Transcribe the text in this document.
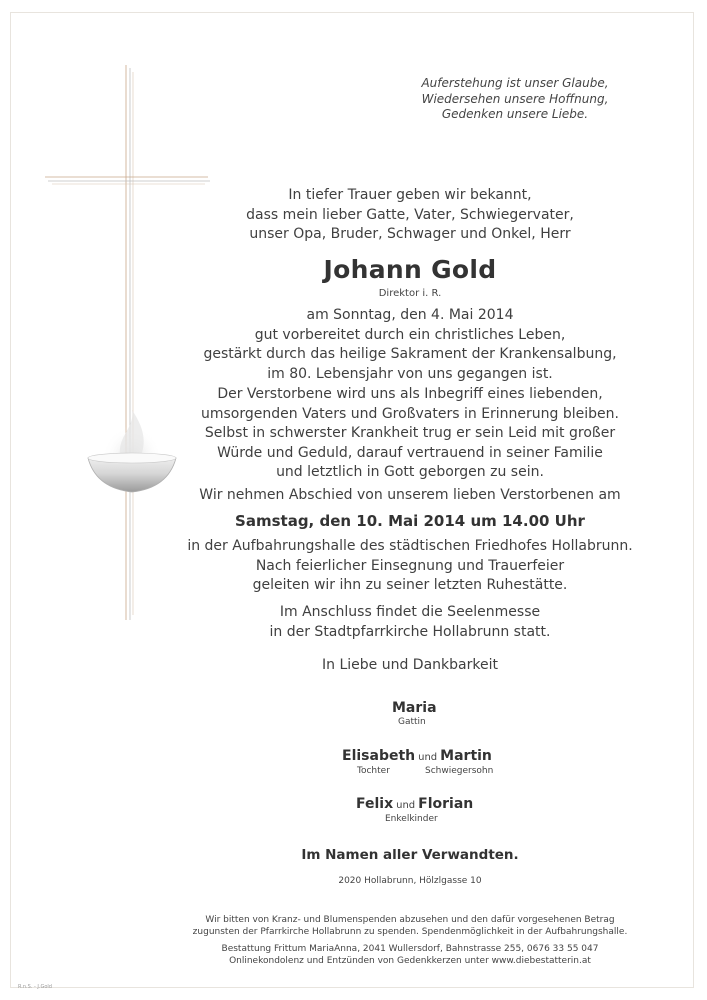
Auferstehung ist unser Glaube,
Wiedersehen unsere Hoffnung,
Gedenken unsere Liebe.
In tiefer Trauer geben wir bekannt,
dass mein lieber Gatte, Vater, Schwiegervater,
unser Opa, Bruder, Schwager und Onkel, Herr
Johann Gold
Direktor i. R.
am Sonntag, den 4. Mai 2014
gut vorbereitet durch ein christliches Leben,
gestärkt durch das heilige Sakrament der Krankensalbung,
im 80. Lebensjahr von uns gegangen ist.
Der Verstorbene wird uns als Inbegriff eines liebenden,
umsorgenden Vaters und Großvaters in Erinnerung bleiben.
Selbst in schwerster Krankheit trug er sein Leid mit großer
Würde und Geduld, darauf vertrauend in seiner Familie
und letztlich in Gott geborgen zu sein.
Wir nehmen Abschied von unserem lieben Verstorbenen am
Samstag, den 10. Mai 2014 um 14.00 Uhr
in der Aufbahrungshalle des städtischen Friedhofes Hollabrunn.
Nach feierlicher Einsegnung und Trauerfeier
geleiten wir ihn zu seiner letzten Ruhestätte.
Im Anschluss findet die Seelenmesse
in der Stadtpfarrkirche Hollabrunn statt.
In Liebe und Dankbarkeit
Maria
Gattin
Elisabeth und Martin
Tochter	Schwiegersohn
Felix und Florian
Enkelkinder
Im Namen aller Verwandten.
2020 Hollabrunn, Hölzlgasse 10
Wir bitten von Kranz- und Blumenspenden abzusehen und den dafür vorgesehenen Betrag
zugunsten der Pfarrkirche Hollabrunn zu spenden. Spendenmöglichkeit in der Aufbahrungshalle.
Bestattung Frittum MariaAnna, 2041 Wullersdorf, Bahnstrasse 255, 0676 33 55 047
Onlinekondolenz und Entzünden von Gedenkkerzen unter www.diebestatterin.at
R.n.S. - J.Gold
